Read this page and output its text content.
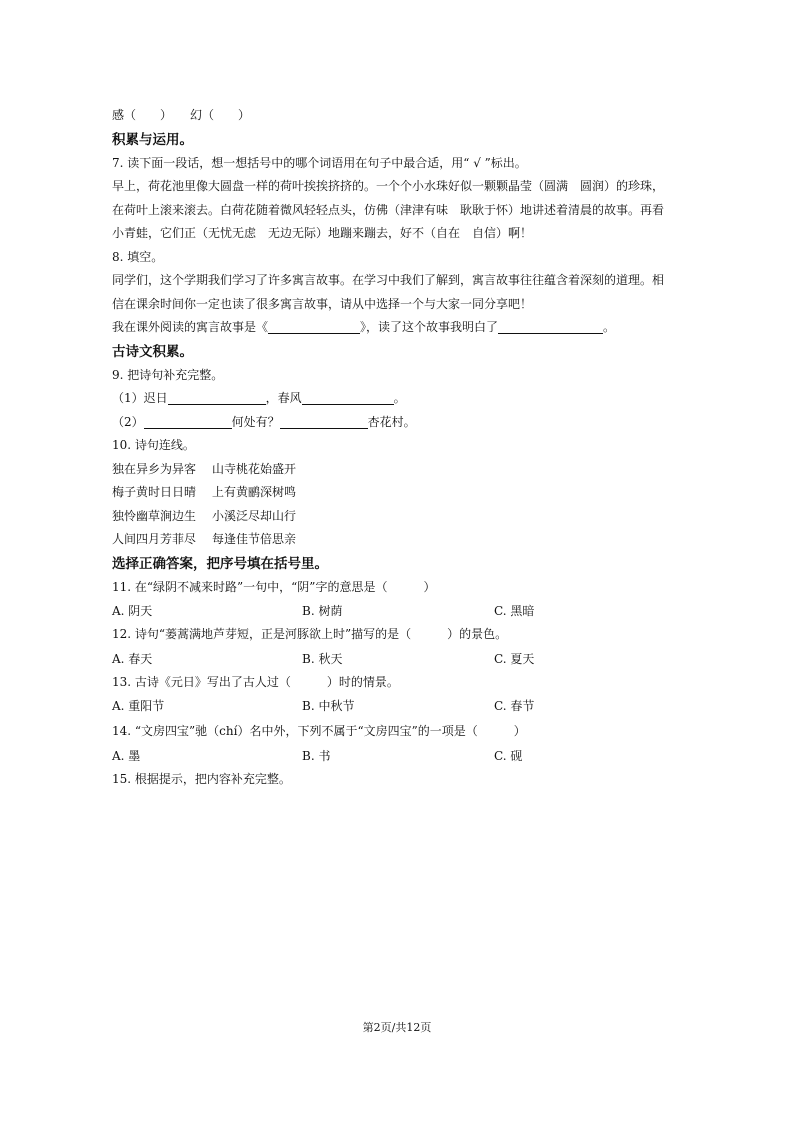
感（　　）　　幻（　　）
积累与运用。
7. 读下面一段话，想一想括号中的哪个词语用在句子中最合适，用“ √ ”标出。
早上，荷花池里像大圆盘一样的荷叶挨挨挤挤的。一个个小水珠好似一颗颗晶莹（圆满　圆润）的珍珠，
在荷叶上滚来滚去。白荷花随着微风轻轻点头，仿佛（津津有味　耿耿于怀）地讲述着清晨的故事。再看
小青蛙，它们正（无忧无虑　无边无际）地蹦来蹦去，好不（自在　自信）啊！
8. 填空。
同学们，这个学期我们学习了许多寓言故事。在学习中我们了解到，寓言故事往往蕴含着深刻的道理。相
信在课余时间你一定也读了很多寓言故事，请从中选择一个与大家一同分享吧！
我在课外阅读的寓言故事是《	》，读了这个故事我明白了	。
古诗文积累。
9. 把诗句补充完整。
（1）迟日	，春风	。
（2）	何处有？	杏花村。
10. 诗句连线。
独在异乡为异客	山寺桃花始盛开
梅子黄时日日晴	上有黄鹂深树鸣
独怜幽草涧边生	小溪泛尽却山行
人间四月芳菲尽	每逢佳节倍思亲
选择正确答案，把序号填在括号里。
11. 在“绿阴不减来时路”一句中，“阴”字的意思是（　　　）
A. 阴天	B. 树荫	C. 黑暗
12. 诗句“蒌蒿满地芦芽短，正是河豚欲上时”描写的是（　　　）的景色。
A. 春天	B. 秋天	C. 夏天
13. 古诗《元日》写出了古人过（　　　）时的情景。
A. 重阳节	B. 中秋节	C. 春节
14. “文房四宝”驰（chí）名中外，下列不属于“文房四宝”的一项是（　　　）
A. 墨	B. 书	C. 砚
15. 根据提示，把内容补充完整。
第2页/共12页
